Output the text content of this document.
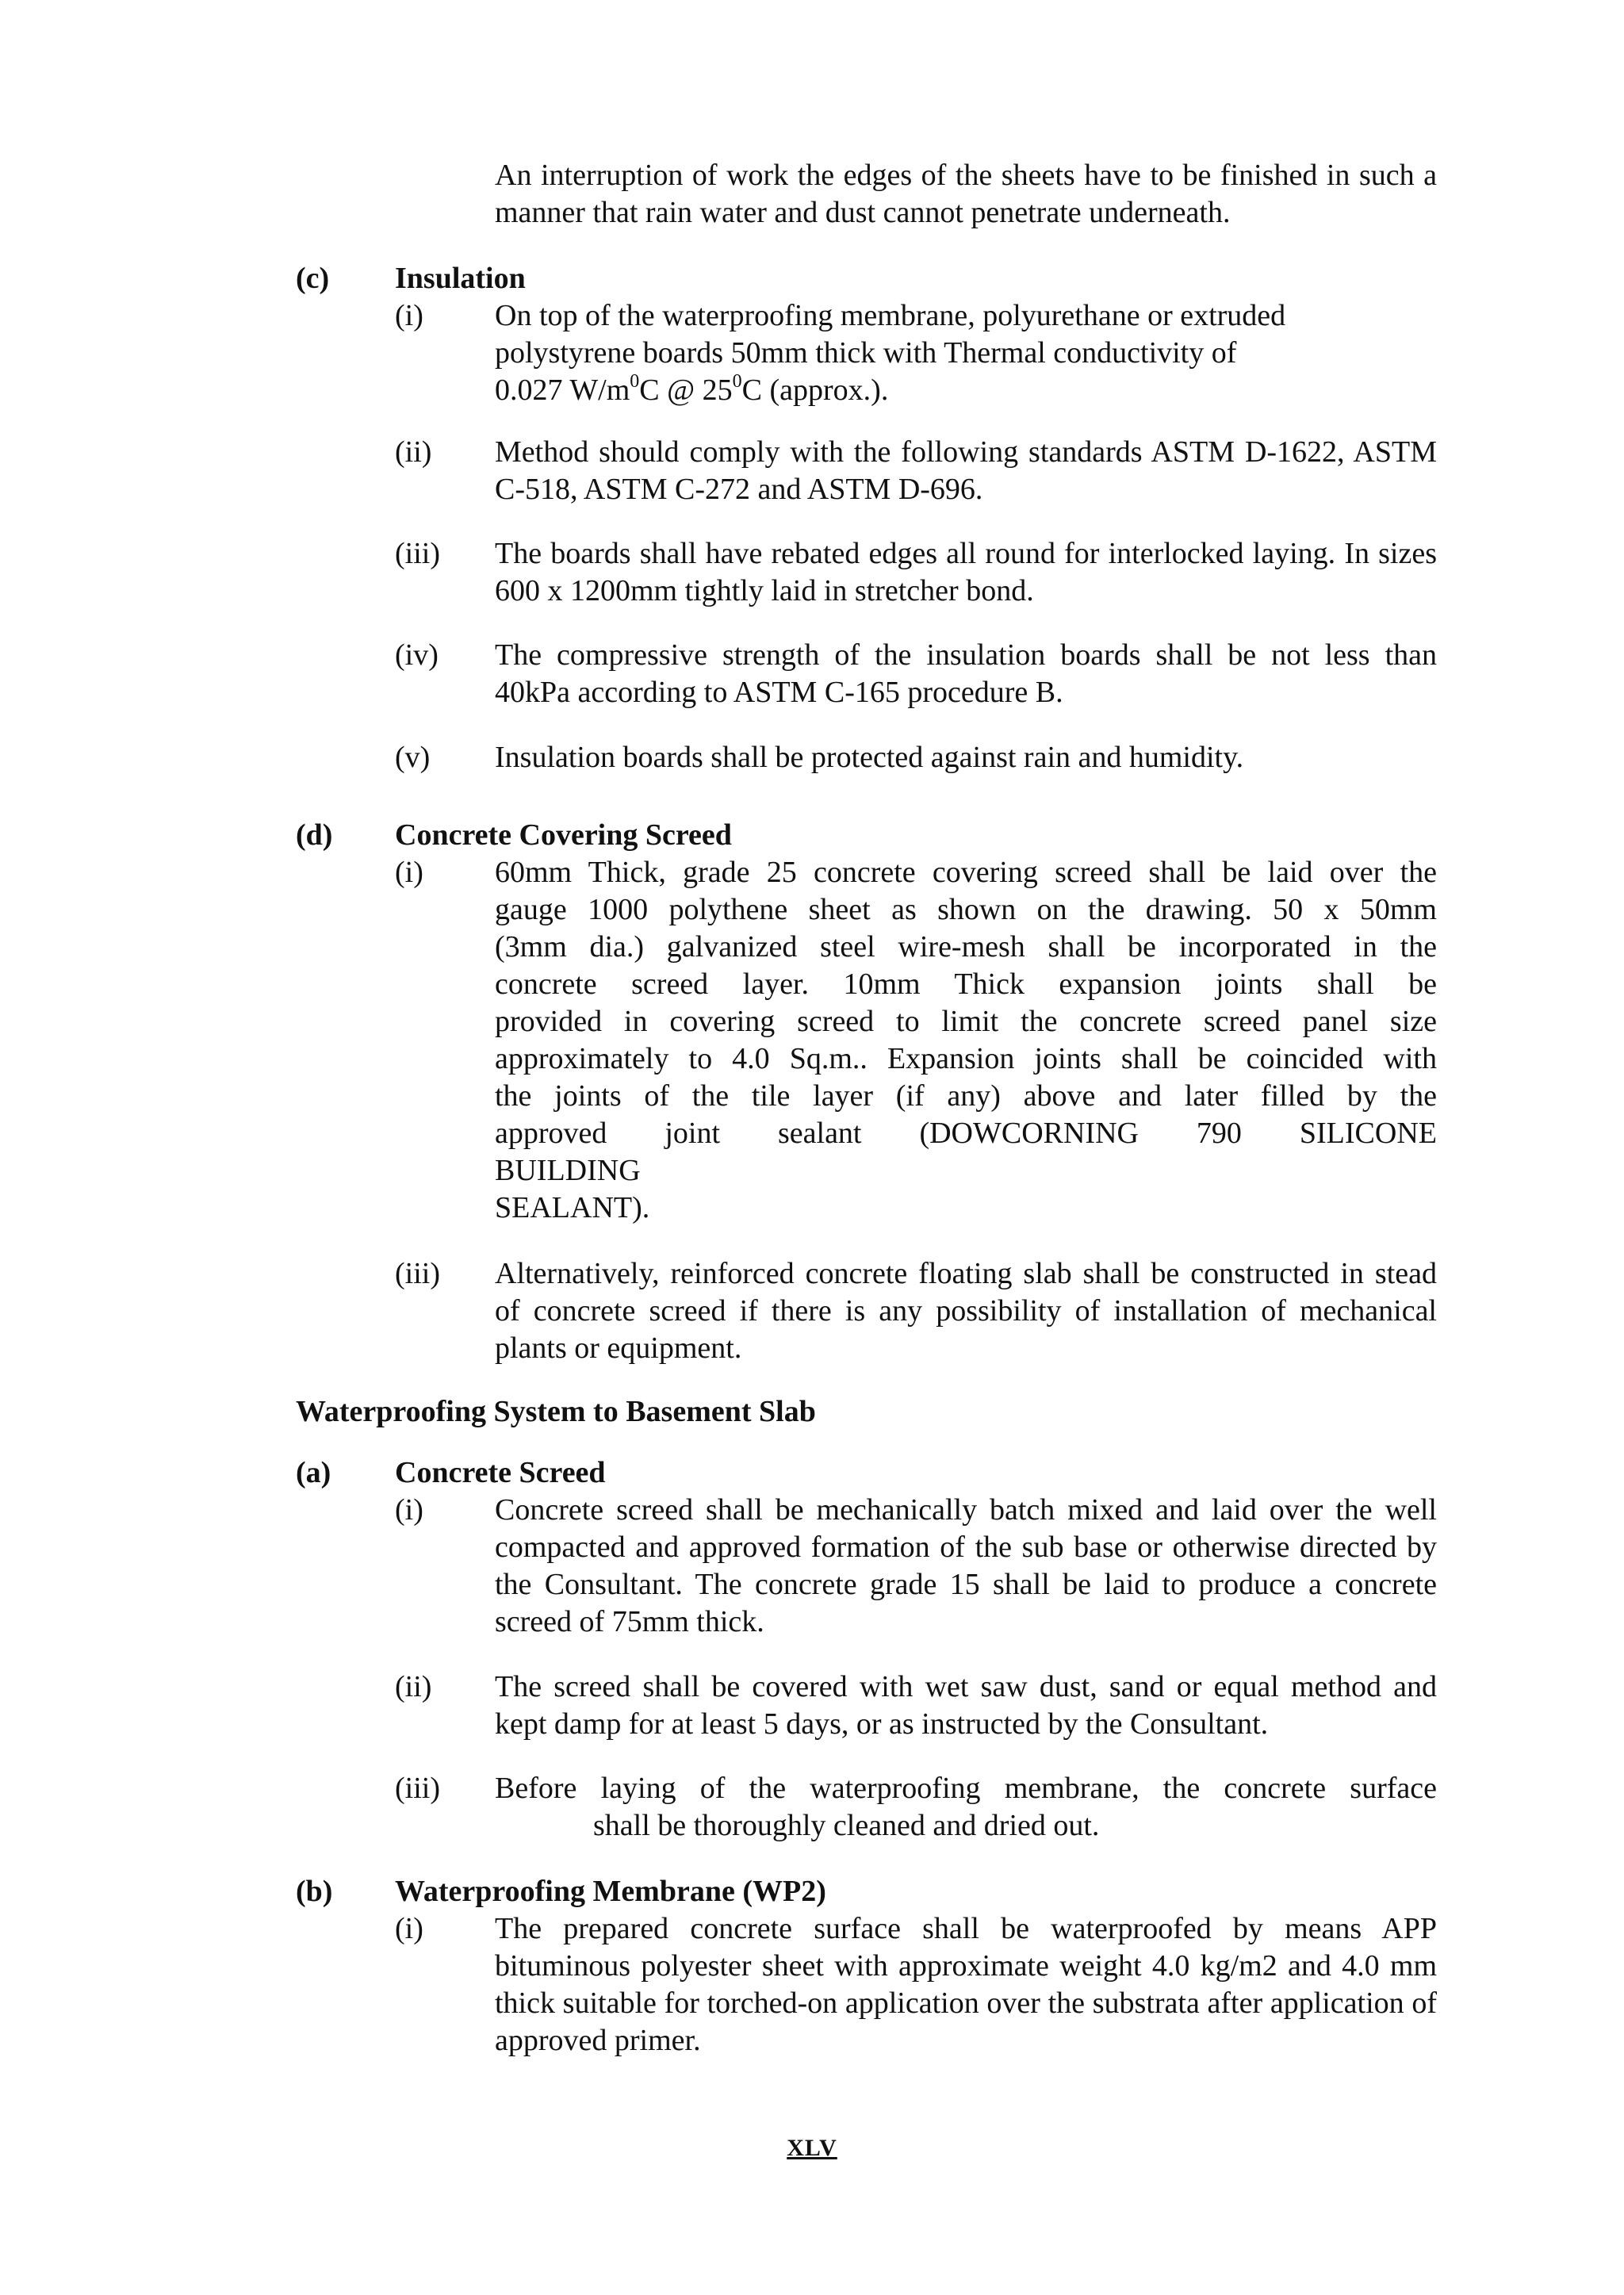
An interruption of work the edges of the sheets have to be finished in such a manner that rain water and dust cannot penetrate underneath.
(c) Insulation
(i) On top of the waterproofing membrane, polyurethane or extruded
polystyrene boards 50mm thick with Thermal conductivity of
0.027 $W/m^0C$ @ $25^0C$ (approx.).
(ii) Method should comply with the following standards ASTM D-1622, ASTM C-518, ASTM C-272 and ASTM D-696.
(iii) The boards shall have rebated edges all round for interlocked laying. In sizes 600 x 1200mm tightly laid in stretcher bond.
(iv) The compressive strength of the insulation boards shall be not less than 40kPa according to ASTM C-165 procedure B.
(v) Insulation boards shall be protected against rain and humidity.
(d) Concrete Covering Screed
(i) 60mm Thick, grade 25 concrete covering screed shall be laid over the
gauge 1000 polythene sheet as shown on the drawing. 50 x 50mm
(3mm dia.) galvanized steel wire-mesh shall be incorporated in the
concrete screed layer. 10mm Thick expansion joints shall be
provided in covering screed to limit the concrete screed panel size
approximately to 4.0 Sq.m.. Expansion joints shall be coincided with
the joints of the tile layer (if any) above and later filled by the
approved joint sealant (DOWCORNING 790 SILICONE
BUILDING
SEALANT).
(iii) Alternatively, reinforced concrete floating slab shall be constructed in stead of concrete screed if there is any possibility of installation of mechanical plants or equipment.
Waterproofing System to Basement Slab
(a) Concrete Screed
(i) Concrete screed shall be mechanically batch mixed and laid over the well compacted and approved formation of the sub base or otherwise directed by the Consultant. The concrete grade 15 shall be laid to produce a concrete screed of 75mm thick.
(ii) The screed shall be covered with wet saw dust, sand or equal method and kept damp for at least 5 days, or as instructed by the Consultant.
(iii) Before laying of the waterproofing membrane, the concrete surface
shall be thoroughly cleaned and dried out.
(b) Waterproofing Membrane (WP2)
(i) The prepared concrete surface shall be waterproofed by means APP bituminous polyester sheet with approximate weight 4.0 kg/m2 and 4.0 mm thick suitable for torched-on application over the substrata after application of approved primer.
XLV
